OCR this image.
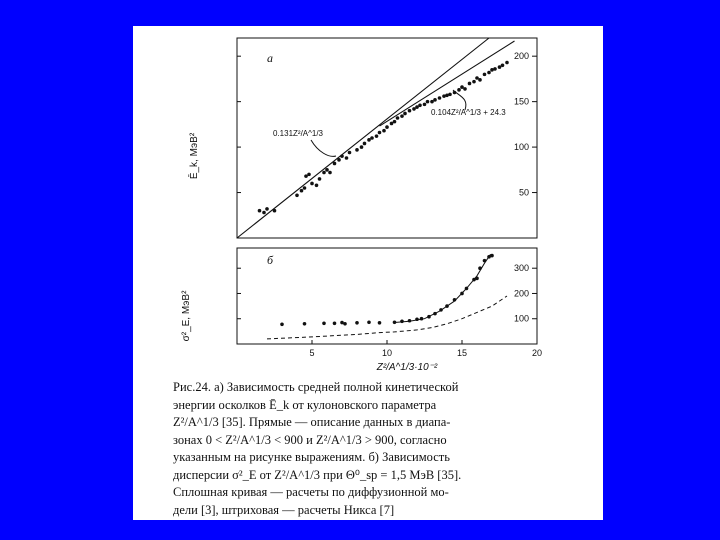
50
100
150
200
а
Ē_k, МэВ²	0.131Z²/A^1/3
0.104Z²/A^1/3 + 24.3
100
200
300
5	10	15	20
б
σ²_E, МэВ²
Z²/A^1/3·10⁻²

Рис.24. а) Зависимость средней полной кинетической

энергии осколков Ē_k от кулоновского параметра

Z²/A^1/3 [35]. Прямые — описание данных в диапа-

зонах 0 < Z²/A^1/3 < 900 и Z²/A^1/3 > 900, согласно

указанным на рисунке выражениям. б) Зависимость

дисперсии σ²_E от Z²/A^1/3 при Θ⁰_sp = 1,5 МэВ [35].

Сплошная кривая — расчеты по диффузионной мо-

дели [3], штриховая — расчеты Никса [7]
